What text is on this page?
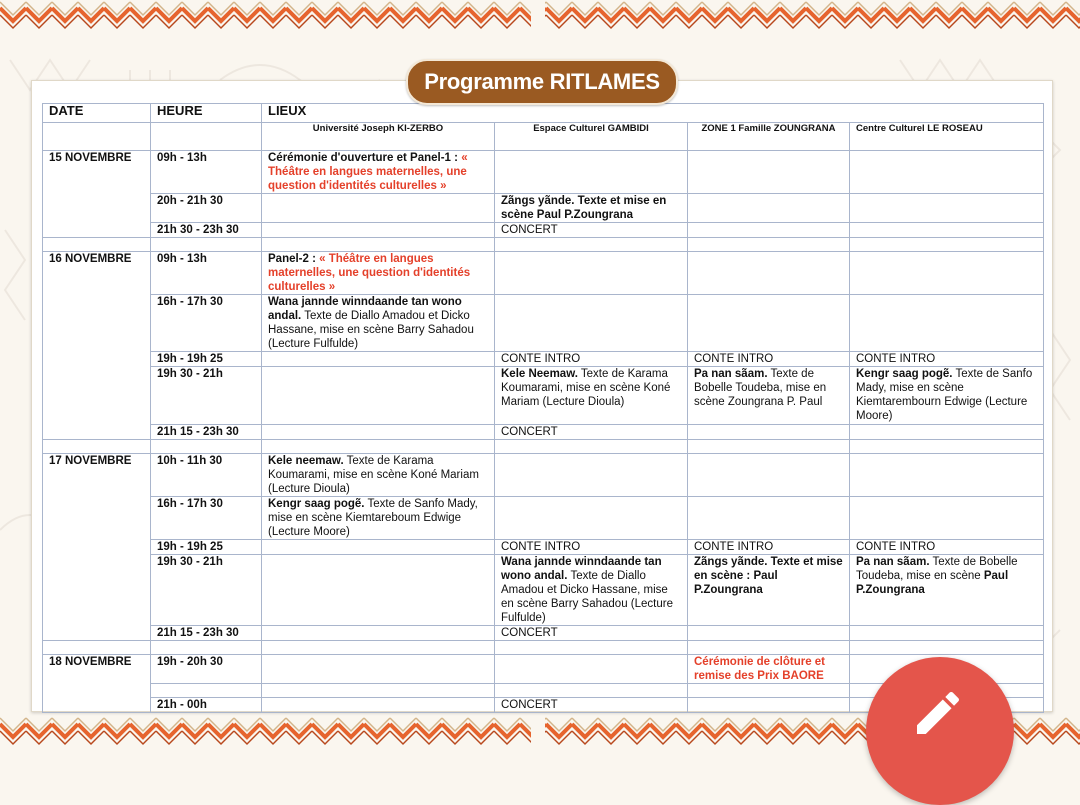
Programme RITLAMES
DATE	HEURE	LIEUX			
		Université Joseph KI-ZERBO	Espace Culturel GAMBIDI	ZONE 1 Famille ZOUNGRANA	Centre Culturel LE ROSEAU
15 NOVEMBRE	09h - 13h	Cérémonie d'ouverture et Panel-1 : « Théâtre en langues maternelles, une question d'identités culturelles »			
	20h - 21h 30		Zãngs yãnde. Texte et mise en scène Paul P.Zoungrana		
	21h 30 - 23h 30		CONCERT		

16 NOVEMBRE	09h - 13h	Panel-2 : « Théâtre en langues maternelles, une question d'identités culturelles »			
	16h - 17h 30	Wana jannde winndaande tan wono andal. Texte de Diallo Amadou et Dicko Hassane, mise en scène Barry Sahadou (Lecture Fulfulde)			
	19h - 19h 25		CONTE INTRO	CONTE INTRO	CONTE INTRO
	19h 30 - 21h		Kele Neemaw. Texte de Karama Koumarami, mise en scène Koné Mariam (Lecture Dioula)	Pa nan sãam. Texte de Bobelle Toudeba, mise en scène Zoungrana P. Paul	Kengr saag pogẽ. Texte de Sanfo Mady, mise en scène Kiemtarembourn Edwige (Lecture Moore)
	21h 15 - 23h 30		CONCERT		

17 NOVEMBRE	10h - 11h 30	Kele neemaw. Texte de Karama Koumarami, mise en scène Koné Mariam (Lecture Dioula)			
	16h - 17h 30	Kengr saag pogẽ. Texte de Sanfo Mady, mise en scène Kiemtareboum Edwige (Lecture Moore)			
	19h - 19h 25		CONTE INTRO	CONTE INTRO	CONTE INTRO
	19h 30 - 21h		Wana jannde winndaande tan wono andal. Texte de Diallo Amadou et Dicko Hassane, mise en scène Barry Sahadou (Lecture Fulfulde)	Zãngs yãnde. Texte et mise en scène : Paul P.Zoungrana	Pa nan sãam. Texte de Bobelle Toudeba, mise en scène Paul P.Zoungrana
	21h 15 - 23h 30		CONCERT		

18 NOVEMBRE	19h - 20h 30			Cérémonie de clôture et remise des Prix BAORE	

	21h - 00h		CONCERT		
